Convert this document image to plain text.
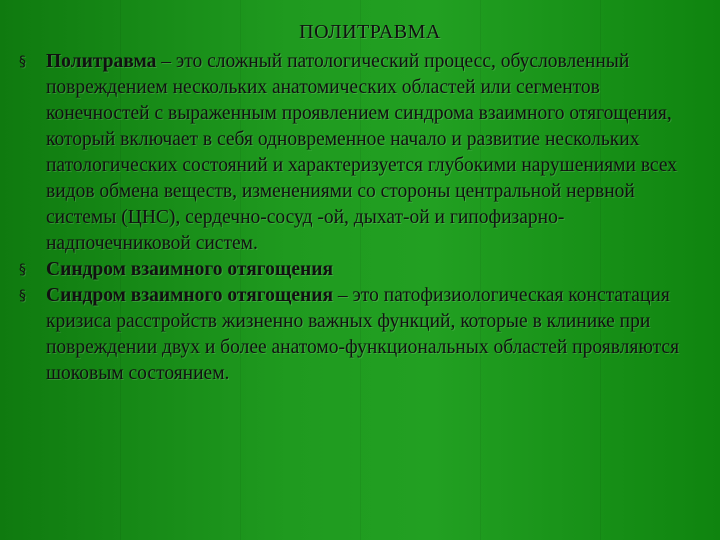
ПОЛИТРАВМА
§ Политравма – это сложный патологический процесс, обусловленный повреждением нескольких анатомических областей или сегментов конечностей с выраженным проявлением синдрома взаимного отягощения, который включает в себя одновременное начало и развитие нескольких патологических состояний и характеризуется глубокими нарушениями всех видов обмена веществ, изменениями со стороны центральной нервной системы (ЦНС), сердечно-сосуд -ой, дыхат-ой и гипофизарно-надпочечниковой систем.
§ Синдром взаимного отягощения
§ Синдром взаимного отягощения – это патофизиологическая констатация кризиса расстройств жизненно важных функций, которые в клинике при повреждении двух и более анатомо-функциональных областей проявляются шоковым состоянием.
